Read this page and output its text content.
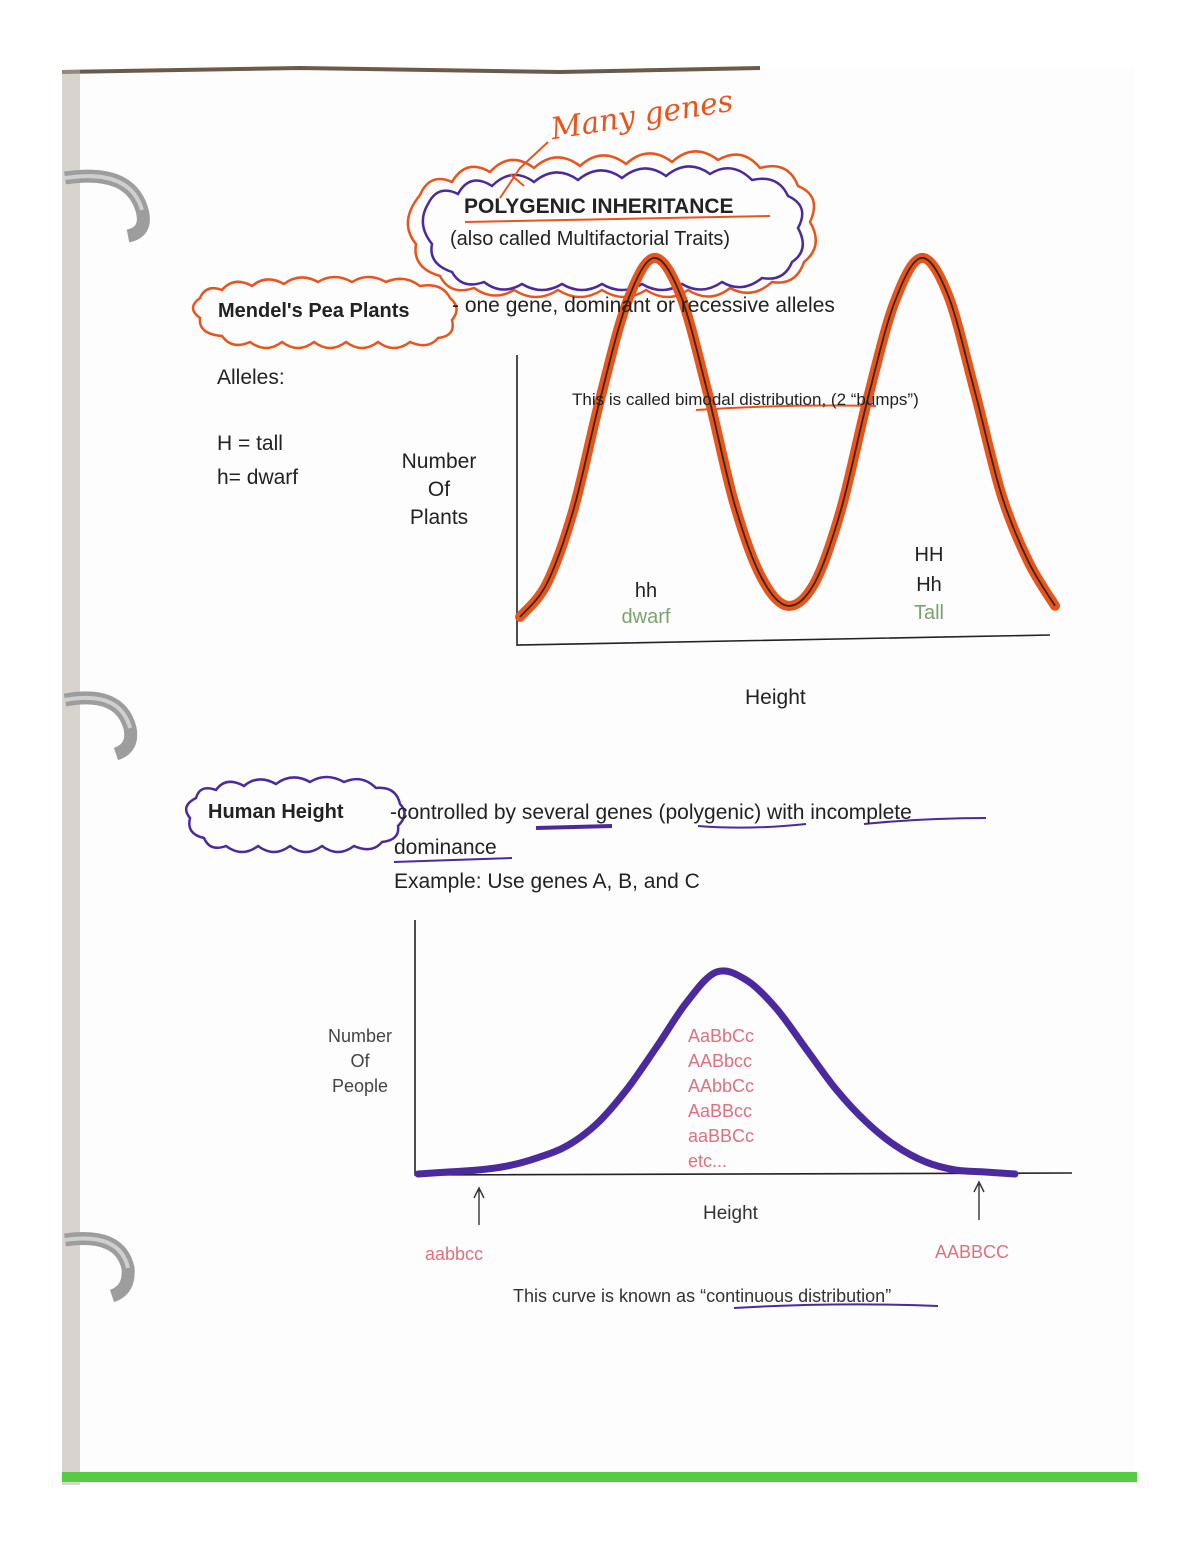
Many genes
POLYGENIC INHERITANCE
(also called Multifactorial Traits)
Mendel's Pea Plants - one gene, dominant or recessive alleles
Alleles:
H = tall
h= dwarf
This is called bimodal distribution, (2 “bumps”)
Number
Of
Plants
hh
dwarf
HH
Hh
Tall
Height
Human Height -controlled by several genes (polygenic) with incomplete
dominance
Example: Use genes A, B, and C
Number
Of
People
AaBbCc
AABbcc
AAbbCc
AaBBcc
aaBBCc
etc...
Height
aabbcc	AABBCC
This curve is known as “continuous distribution”
